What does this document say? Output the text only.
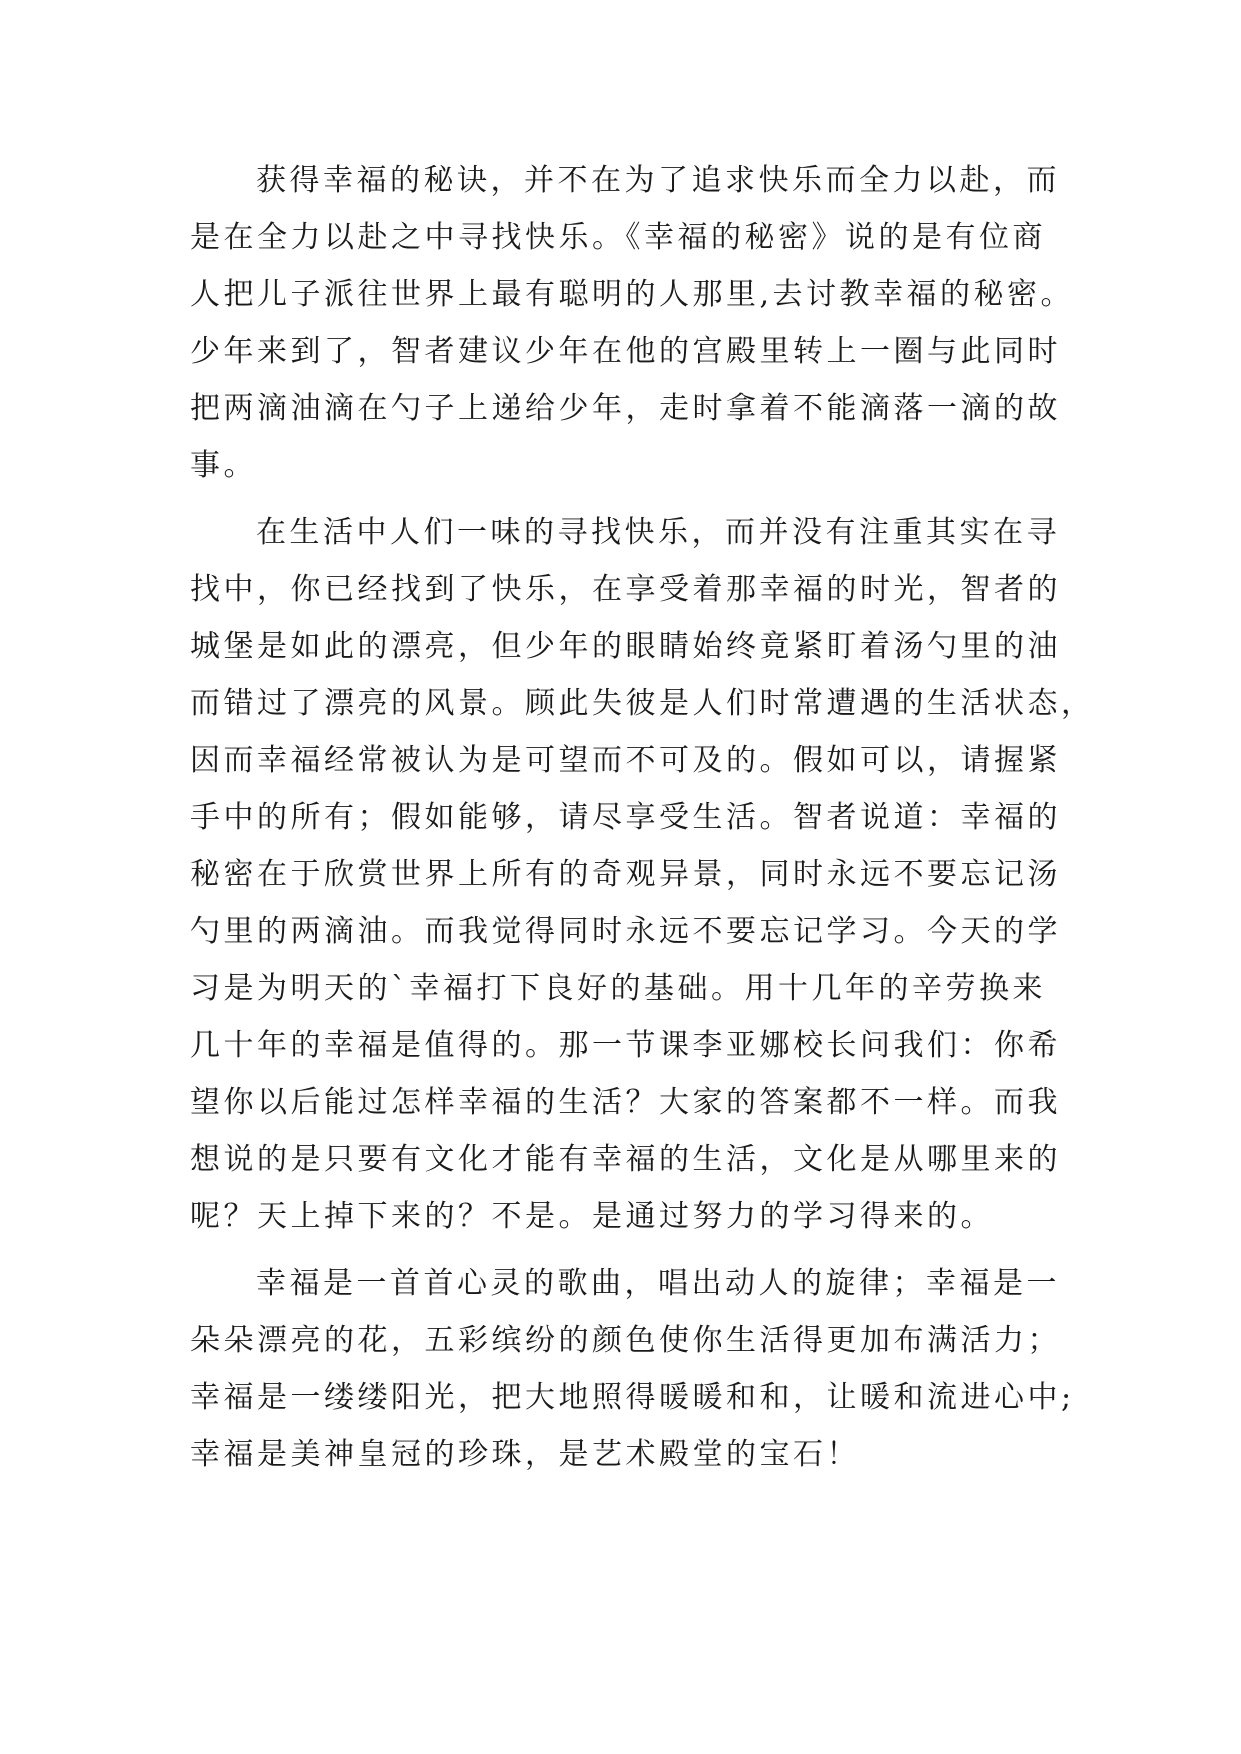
获得幸福的秘诀，并不在为了追求快乐而全力以赴，而
是在全力以赴之中寻找快乐。《幸福的秘密》说的是有位商
人把儿子派往世界上最有聪明的人那里,去讨教幸福的秘密。
少年来到了，智者建议少年在他的宫殿里转上一圈与此同时
把两滴油滴在勺子上递给少年，走时拿着不能滴落一滴的故
事。
在生活中人们一味的寻找快乐，而并没有注重其实在寻
找中，你已经找到了快乐，在享受着那幸福的时光，智者的
城堡是如此的漂亮，但少年的眼睛始终竟紧盯着汤勺里的油
而错过了漂亮的风景。顾此失彼是人们时常遭遇的生活状态，
因而幸福经常被认为是可望而不可及的。假如可以，请握紧
手中的所有；假如能够，请尽享受生活。智者说道：幸福的
秘密在于欣赏世界上所有的奇观异景，同时永远不要忘记汤
勺里的两滴油。而我觉得同时永远不要忘记学习。今天的学
习是为明天的`幸福打下良好的基础。用十几年的辛劳换来
几十年的幸福是值得的。那一节课李亚娜校长问我们：你希
望你以后能过怎样幸福的生活？大家的答案都不一样。而我
想说的是只要有文化才能有幸福的生活，文化是从哪里来的
呢？天上掉下来的？不是。是通过努力的学习得来的。
幸福是一首首心灵的歌曲，唱出动人的旋律；幸福是一
朵朵漂亮的花，五彩缤纷的颜色使你生活得更加布满活力；
幸福是一缕缕阳光，把大地照得暖暖和和，让暖和流进心中;
幸福是美神皇冠的珍珠，是艺术殿堂的宝石！
